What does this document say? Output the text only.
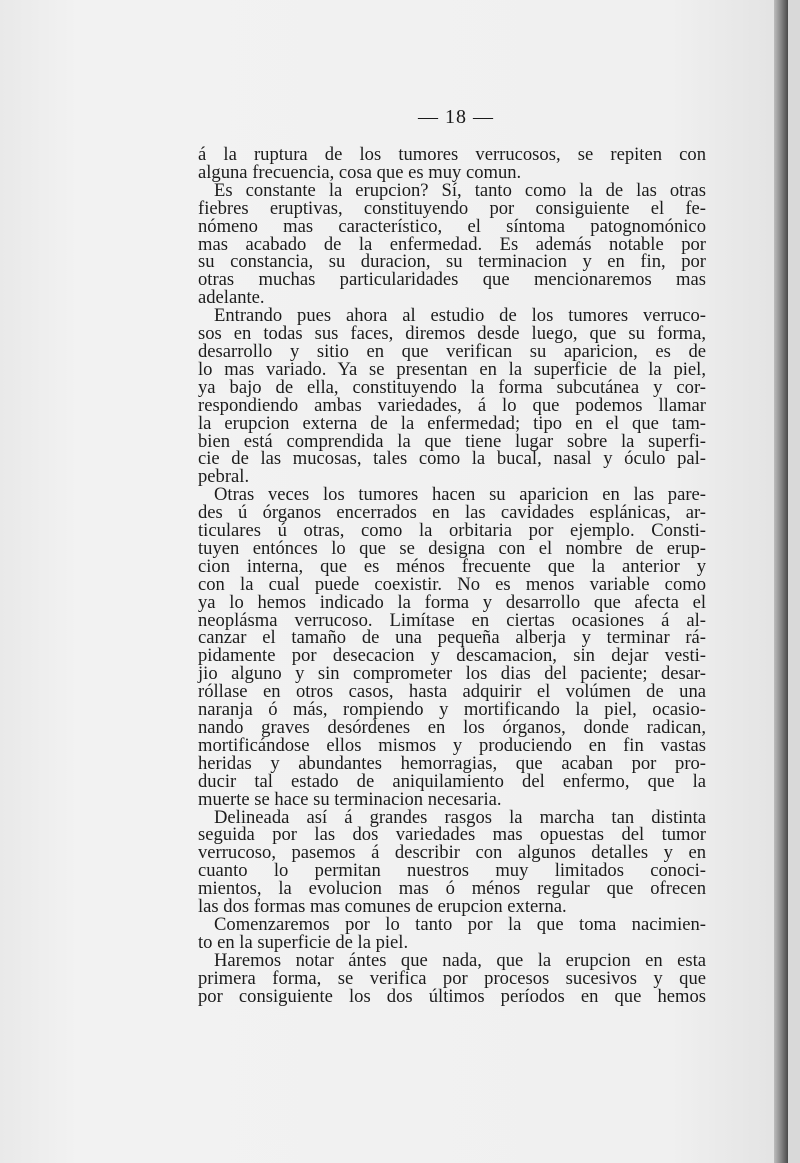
— 18 —
á la ruptura de los tumores verrucosos, se repiten con
alguna frecuencia, cosa que es muy comun.
Es constante la erupcion? Sí, tanto como la de las otras
fiebres eruptivas, constituyendo por consiguiente el fe-
nómeno mas característico, el síntoma patognomónico
mas acabado de la enfermedad. Es además notable por
su constancia, su duracion, su terminacion y en fin, por
otras muchas particularidades que mencionaremos mas
adelante.
Entrando pues ahora al estudio de los tumores verruco-
sos en todas sus faces, diremos desde luego, que su forma,
desarrollo y sitio en que verifican su aparicion, es de
lo mas variado. Ya se presentan en la superficie de la piel,
ya bajo de ella, constituyendo la forma subcutánea y cor-
respondiendo ambas variedades, á lo que podemos llamar
la erupcion externa de la enfermedad; tipo en el que tam-
bien está comprendida la que tiene lugar sobre la superfi-
cie de las mucosas, tales como la bucal, nasal y óculo pal-
pebral.
Otras veces los tumores hacen su aparicion en las pare-
des ú órganos encerrados en las cavidades esplánicas, ar-
ticulares ú otras, como la orbitaria por ejemplo. Consti-
tuyen entónces lo que se designa con el nombre de erup-
cion interna, que es ménos frecuente que la anterior y
con la cual puede coexistir. No es menos variable como
ya lo hemos indicado la forma y desarrollo que afecta el
neoplásma verrucoso. Limítase en ciertas ocasiones á al-
canzar el tamaño de una pequeña alberja y terminar rá-
pidamente por desecacion y descamacion, sin dejar vesti-
jio alguno y sin comprometer los dias del paciente; desar-
róllase en otros casos, hasta adquirir el volúmen de una
naranja ó más, rompiendo y mortificando la piel, ocasio-
nando graves desórdenes en los órganos, donde radican,
mortificándose ellos mismos y produciendo en fin vastas
heridas y abundantes hemorragias, que acaban por pro-
ducir tal estado de aniquilamiento del enfermo, que la
muerte se hace su terminacion necesaria.
Delineada así á grandes rasgos la marcha tan distinta
seguida por las dos variedades mas opuestas del tumor
verrucoso, pasemos á describir con algunos detalles y en
cuanto lo permitan nuestros muy limitados conoci-
mientos, la evolucion mas ó ménos regular que ofrecen
las dos formas mas comunes de erupcion externa.
Comenzaremos por lo tanto por la que toma nacimien-
to en la superficie de la piel.
Haremos notar ántes que nada, que la erupcion en esta
primera forma, se verifica por procesos sucesivos y que
por consiguiente los dos últimos períodos en que hemos
